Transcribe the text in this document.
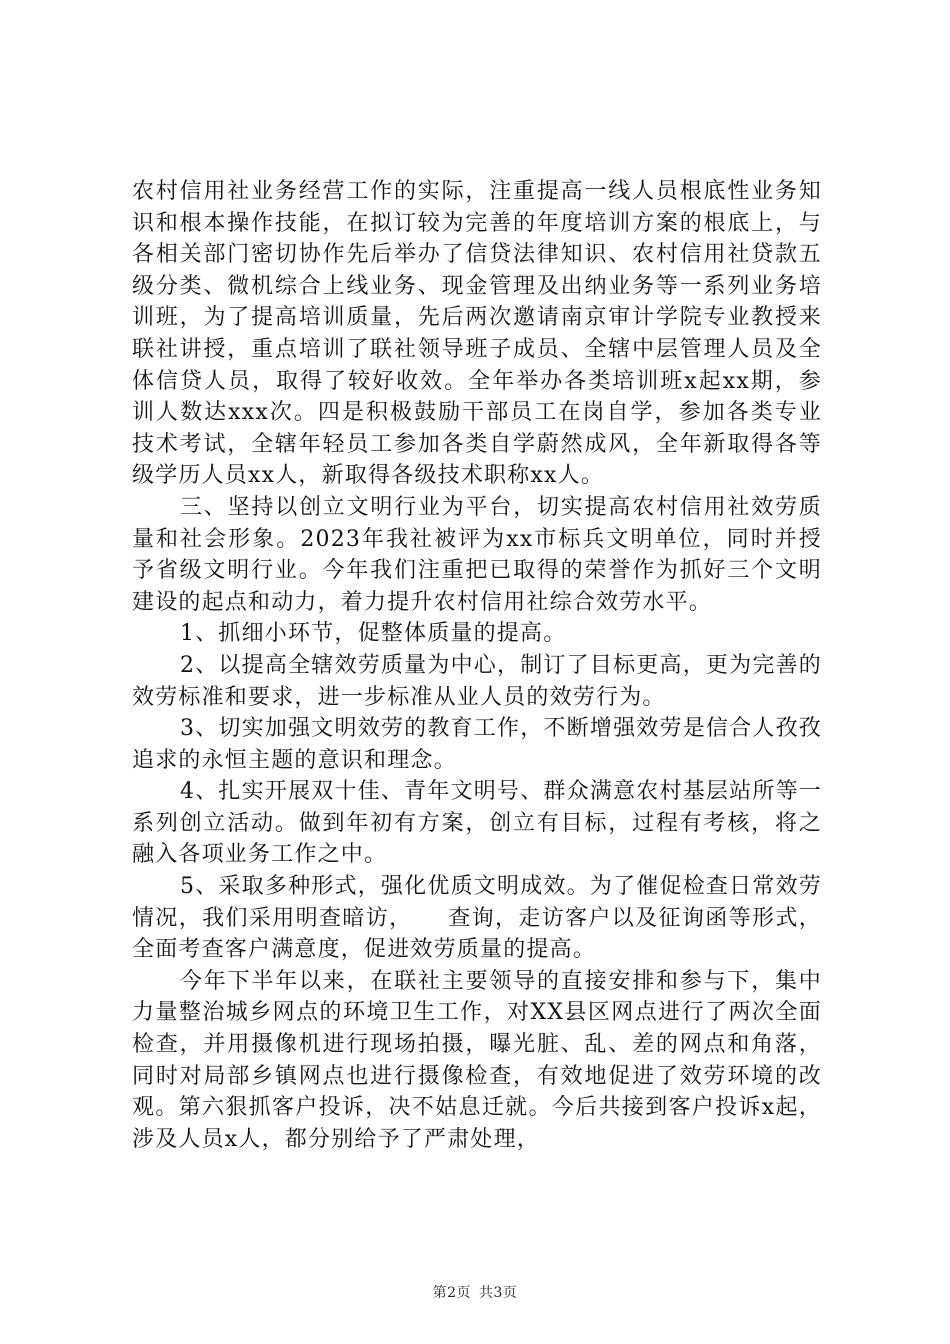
农村信用社业务经营工作的实际，注重提高一线人员根底性业务知识和根本操作技能，在拟订较为完善的年度培训方案的根底上，与各相关部门密切协作先后举办了信贷法律知识、农村信用社贷款五级分类、微机综合上线业务、现金管理及出纳业务等一系列业务培训班，为了提高培训质量，先后两次邀请南京审计学院专业教授来联社讲授，重点培训了联社领导班子成员、全辖中层管理人员及全体信贷人员，取得了较好收效。全年举办各类培训班x起xx期，参训人数达xxx次。四是积极鼓励干部员工在岗自学，参加各类专业技术考试，全辖年轻员工参加各类自学蔚然成风，全年新取得各等级学历人员xx人，新取得各级技术职称xx人。

三、坚持以创立文明行业为平台，切实提高农村信用社效劳质量和社会形象。2023年我社被评为xx市标兵文明单位，同时并授予省级文明行业。今年我们注重把已取得的荣誉作为抓好三个文明建设的起点和动力，着力提升农村信用社综合效劳水平。

1、抓细小环节，促整体质量的提高。

2、以提高全辖效劳质量为中心，制订了目标更高，更为完善的效劳标准和要求，进一步标准从业人员的效劳行为。

3、切实加强文明效劳的教育工作，不断增强效劳是信合人孜孜追求的永恒主题的意识和理念。

4、扎实开展双十佳、青年文明号、群众满意农村基层站所等一系列创立活动。做到年初有方案，创立有目标，过程有考核，将之融入各项业务工作之中。

5、采取多种形式，强化优质文明成效。为了催促检查日常效劳情况，我们采用明查暗访，　　查询，走访客户以及征询函等形式，全面考查客户满意度，促进效劳质量的提高。

今年下半年以来，在联社主要领导的直接安排和参与下，集中力量整治城乡网点的环境卫生工作，对XX县区网点进行了两次全面检查，并用摄像机进行现场拍摄，曝光脏、乱、差的网点和角落，同时对局部乡镇网点也进行摄像检查，有效地促进了效劳环境的改观。第六狠抓客户投诉，决不姑息迁就。今后共接到客户投诉x起，涉及人员x人，都分别给予了严肃处理，

第2页 共3页
